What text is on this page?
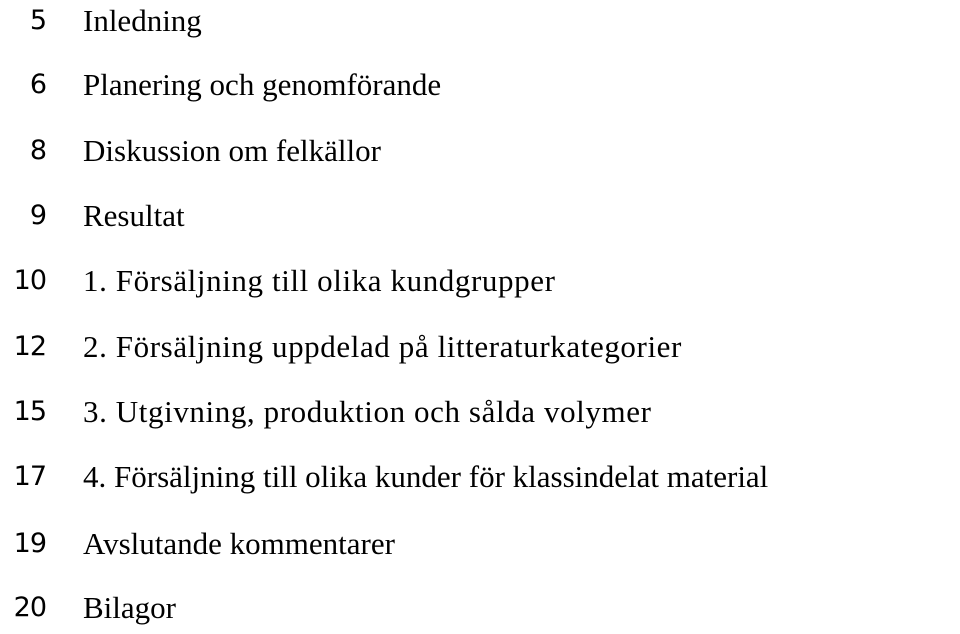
5 Inledning
6 Planering och genomförande
8 Diskussion om felkällor
9 Resultat
10 1. Försäljning till olika kundgrupper
12 2. Försäljning uppdelad på litteraturkategorier
15 3. Utgivning, produktion och sålda volymer
17 4. Försäljning till olika kunder för klassindelat material
19 Avslutande kommentarer
20 Bilagor
